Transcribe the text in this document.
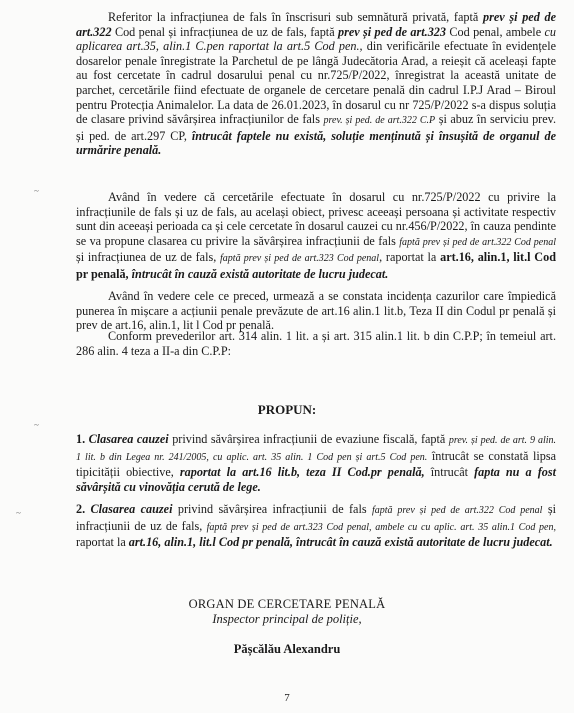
~
~
~

Referitor la infracțiunea de fals în înscrisuri sub semnătură privată, faptă prev și ped de art.322 Cod penal și infracțiunea de uz de fals, faptă prev și ped de art.323 Cod penal, ambele cu aplicarea art.35, alin.1 C.pen raportat la art.5 Cod pen., din verificările efectuate în evidențele dosarelor penale înregistrate la Parchetul de pe lângă Judecătoria Arad, a reieșit că aceleași fapte au fost cercetate în cadrul dosarului penal cu nr.725/P/2022, înregistrat la această unitate de parchet, cercetările fiind efectuate de organele de cercetare penală din cadrul I.P.J Arad – Biroul pentru Protecția Animalelor. La data de 26.01.2023, în dosarul cu nr 725/P/2022 s-a dispus soluția de clasare privind săvârșirea infracțiunilor de fals prev. și ped. de art.322 C.P și abuz în serviciu prev. și ped. de art.297 CP, întrucât faptele nu există, soluție menținută și însușită de organul de urmărire penală.

Având în vedere că cercetările efectuate în dosarul cu nr.725/P/2022 cu privire la infracțiunile de fals și uz de fals, au același obiect, privesc aceeași persoana și activitate respectiv sunt din aceeași perioada ca și cele cercetate în dosarul cauzei cu nr.456/P/2022, în cauza pendinte se va propune clasarea cu privire la săvârșirea infracțiunii de fals faptă prev și ped de art.322 Cod penal și infracțiunea de uz de fals, faptă prev și ped de art.323 Cod penal, raportat la art.16, alin.1, lit.l Cod pr penală, întrucât în cauză există autoritate de lucru judecat.

Având în vedere cele ce preced, urmează a se constata incidența cazurilor care împiedică punerea în mișcare a acțiunii penale prevăzute de art.16 alin.1 lit.b, Teza II din Codul pr penală și prev de art.16, alin.1, lit l Cod pr penală.

Conform prevederilor art. 314 alin. 1 lit. a și art. 315 alin.1 lit. b din C.P.P; în temeiul art. 286 alin. 4 teza a II-a din C.P.P:

PROPUN:

1. Clasarea cauzei privind săvârșirea infracțiunii de evaziune fiscală, faptă prev. și ped. de art. 9 alin. 1 lit. b din Legea nr. 241/2005, cu aplic. art. 35 alin. 1 Cod pen și art.5 Cod pen. întrucât se constată lipsa tipicității obiective, raportat la art.16 lit.b, teza II Cod.pr penală, întrucât fapta nu a fost săvârșită cu vinovăția cerută de lege.

2. Clasarea cauzei privind săvârșirea infracțiunii de fals faptă prev și ped de art.322 Cod penal și infracțiunii de uz de fals, faptă prev și ped de art.323 Cod penal, ambele cu cu aplic. art. 35 alin.1 Cod pen, raportat la art.16, alin.1, lit.l Cod pr penală, întrucât în cauză există autoritate de lucru judecat.

ORGAN DE CERCETARE PENALĂ
Inspector principal de poliție,
Pășcălău Alexandru
7
